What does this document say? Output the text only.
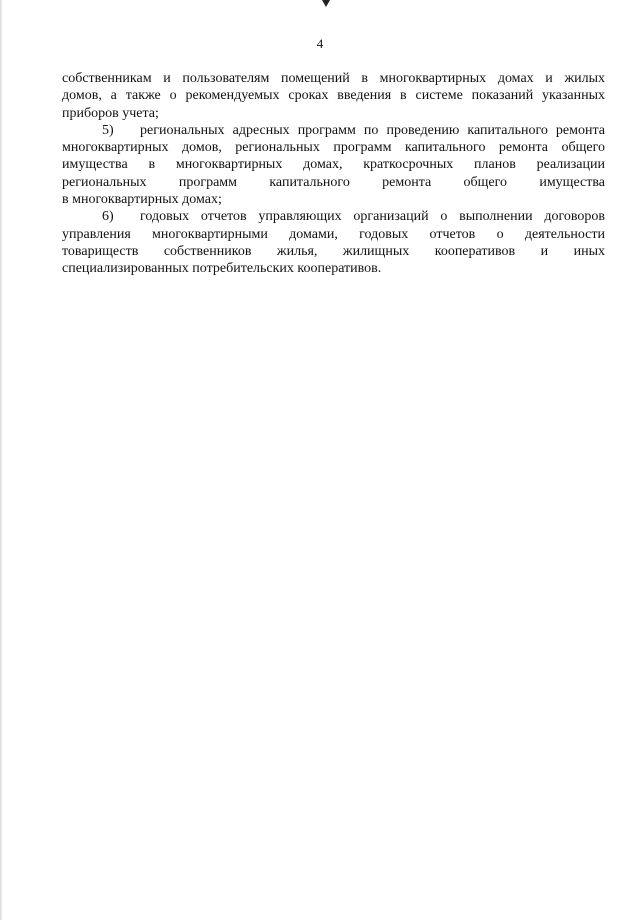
4
собственникам и пользователям помещений в многоквартирных домах и жилых
домов, а также о рекомендуемых сроках введения в системе показаний указанных
приборов учета;
5) региональных адресных программ по проведению капитального ремонта
многоквартирных домов, региональных программ капитального ремонта общего
имущества в многоквартирных домах, краткосрочных планов реализации
региональных программ капитального ремонта общего имущества
в многоквартирных домах;
6) годовых отчетов управляющих организаций о выполнении договоров
управления многоквартирными домами, годовых отчетов о деятельности
товариществ собственников жилья, жилищных кооперативов и иных
специализированных потребительских кооперативов.
